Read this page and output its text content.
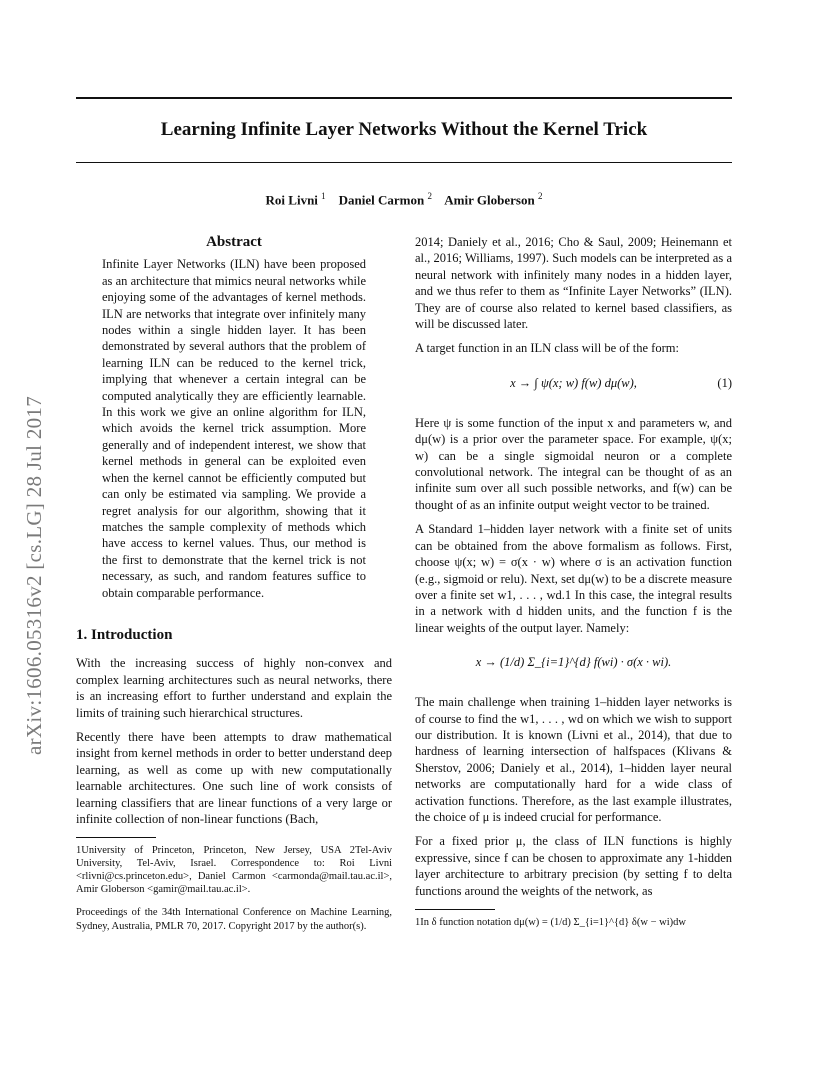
Learning Infinite Layer Networks Without the Kernel Trick
Roi Livni $^1$ Daniel Carmon $^2$ Amir Globerson $^2$
arXiv:1606.05316v2 [cs.LG] 28 Jul 2017
Abstract

Infinite Layer Networks (ILN) have been proposed as an architecture that mimics neural networks while enjoying some of the advantages of kernel methods. ILN are networks that integrate over infinitely many nodes within a single hidden layer. It has been demonstrated by several authors that the problem of learning ILN can be reduced to the kernel trick, implying that whenever a certain integral can be computed analytically they are efficiently learnable. In this work we give an online algorithm for ILN, which avoids the kernel trick assumption. More generally and of independent interest, we show that kernel methods in general can be exploited even when the kernel cannot be efficiently computed but can only be estimated via sampling. We provide a regret analysis for our algorithm, showing that it matches the sample complexity of methods which have access to kernel values. Thus, our method is the first to demonstrate that the kernel trick is not necessary, as such, and random features suffice to obtain comparable performance.

1. Introduction

With the increasing success of highly non-convex and complex learning architectures such as neural networks, there is an increasing effort to further understand and explain the limits of training such hierarchical structures.

Recently there have been attempts to draw mathematical insight from kernel methods in order to better understand deep learning, as well as come up with new computationally learnable architectures. One such line of work consists of learning classifiers that are linear functions of a very large or infinite collection of non-linear functions (Bach,

1University of Princeton, Princeton, New Jersey, USA 2Tel-Aviv University, Tel-Aviv, Israel. Correspondence to: Roi Livni <rlivni@cs.princeton.edu>, Daniel Carmon <carmonda@mail.tau.ac.il>, Amir Globerson <gamir@mail.tau.ac.il>.
Proceedings of the 34th International Conference on Machine Learning, Sydney, Australia, PMLR 70, 2017. Copyright 2017 by the author(s).

2014; Daniely et al., 2016; Cho & Saul, 2009; Heinemann et al., 2016; Williams, 1997). Such models can be interpreted as a neural network with infinitely many nodes in a hidden layer, and we thus refer to them as “Infinite Layer Networks” (ILN). They are of course also related to kernel based classifiers, as will be discussed later.

A target function in an ILN class will be of the form:

x → ∫ ψ(x; w) f(w) dμ(w),	(1)

Here ψ is some function of the input x and parameters w, and dμ(w) is a prior over the parameter space. For example, ψ(x; w) can be a single sigmoidal neuron or a complete convolutional network. The integral can be thought of as an infinite sum over all such possible networks, and f(w) can be thought of as an infinite output weight vector to be trained.

A Standard 1–hidden layer network with a finite set of units can be obtained from the above formalism as follows. First, choose ψ(x; w) = σ(x · w) where σ is an activation function (e.g., sigmoid or relu). Next, set dμ(w) to be a discrete measure over a finite set w1, . . . , wd.1 In this case, the integral results in a network with d hidden units, and the function f is the linear weights of the output layer. Namely:

x → (1/d) Σ_{i=1}^{d} f(wi) · σ(x · wi).

The main challenge when training 1–hidden layer networks is of course to find the w1, . . . , wd on which we wish to support our distribution. It is known (Livni et al., 2014), that due to hardness of learning intersection of halfspaces (Klivans & Sherstov, 2006; Daniely et al., 2014), 1–hidden layer neural networks are computationally hard for a wide class of activation functions. Therefore, as the last example illustrates, the choice of μ is indeed crucial for performance.

For a fixed prior μ, the class of ILN functions is highly expressive, since f can be chosen to approximate any 1-hidden layer architecture to arbitrary precision (by setting f to delta functions around the weights of the network, as

1In δ function notation dμ(w) = (1/d) Σ_{i=1}^{d} δ(w − wi)dw
